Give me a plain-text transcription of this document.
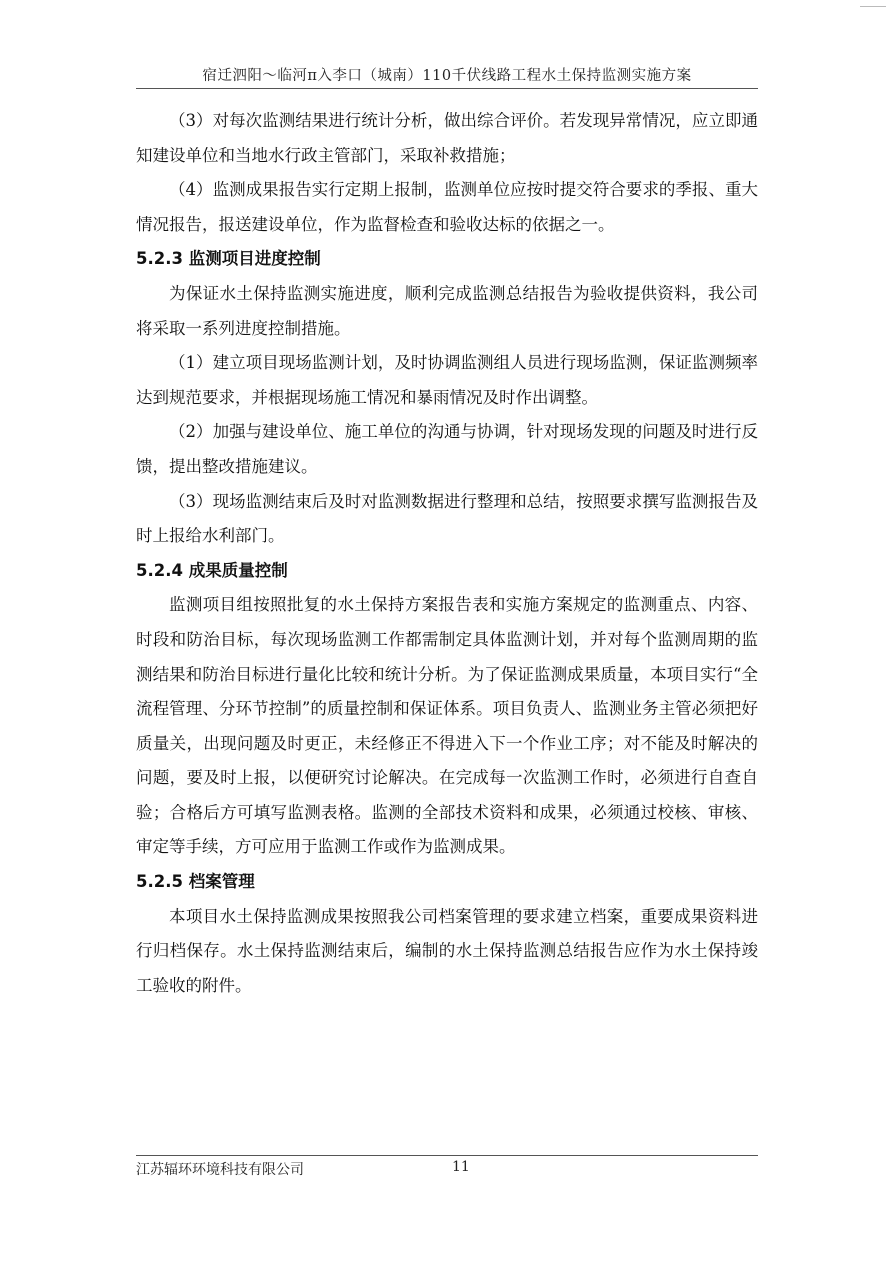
宿迁泗阳～临河π入李口（城南）110千伏线路工程水土保持监测实施方案

（3）对每次监测结果进行统计分析，做出综合评价。若发现异常情况，应立即通知建设单位和当地水行政主管部门，采取补救措施；

（4）监测成果报告实行定期上报制，监测单位应按时提交符合要求的季报、重大情况报告，报送建设单位，作为监督检查和验收达标的依据之一。

5.2.3 监测项目进度控制

为保证水土保持监测实施进度，顺利完成监测总结报告为验收提供资料，我公司将采取一系列进度控制措施。

（1）建立项目现场监测计划，及时协调监测组人员进行现场监测，保证监测频率达到规范要求，并根据现场施工情况和暴雨情况及时作出调整。

（2）加强与建设单位、施工单位的沟通与协调，针对现场发现的问题及时进行反馈，提出整改措施建议。

（3）现场监测结束后及时对监测数据进行整理和总结，按照要求撰写监测报告及时上报给水利部门。

5.2.4 成果质量控制

监测项目组按照批复的水土保持方案报告表和实施方案规定的监测重点、内容、时段和防治目标，每次现场监测工作都需制定具体监测计划，并对每个监测周期的监测结果和防治目标进行量化比较和统计分析。为了保证监测成果质量，本项目实行“全流程管理、分环节控制”的质量控制和保证体系。项目负责人、监测业务主管必须把好质量关，出现问题及时更正，未经修正不得进入下一个作业工序；对不能及时解决的问题，要及时上报，以便研究讨论解决。在完成每一次监测工作时，必须进行自查自验；合格后方可填写监测表格。监测的全部技术资料和成果，必须通过校核、审核、审定等手续，方可应用于监测工作或作为监测成果。

5.2.5 档案管理

本项目水土保持监测成果按照我公司档案管理的要求建立档案，重要成果资料进行归档保存。水土保持监测结束后，编制的水土保持监测总结报告应作为水土保持竣工验收的附件。

江苏辐环环境科技有限公司	11
